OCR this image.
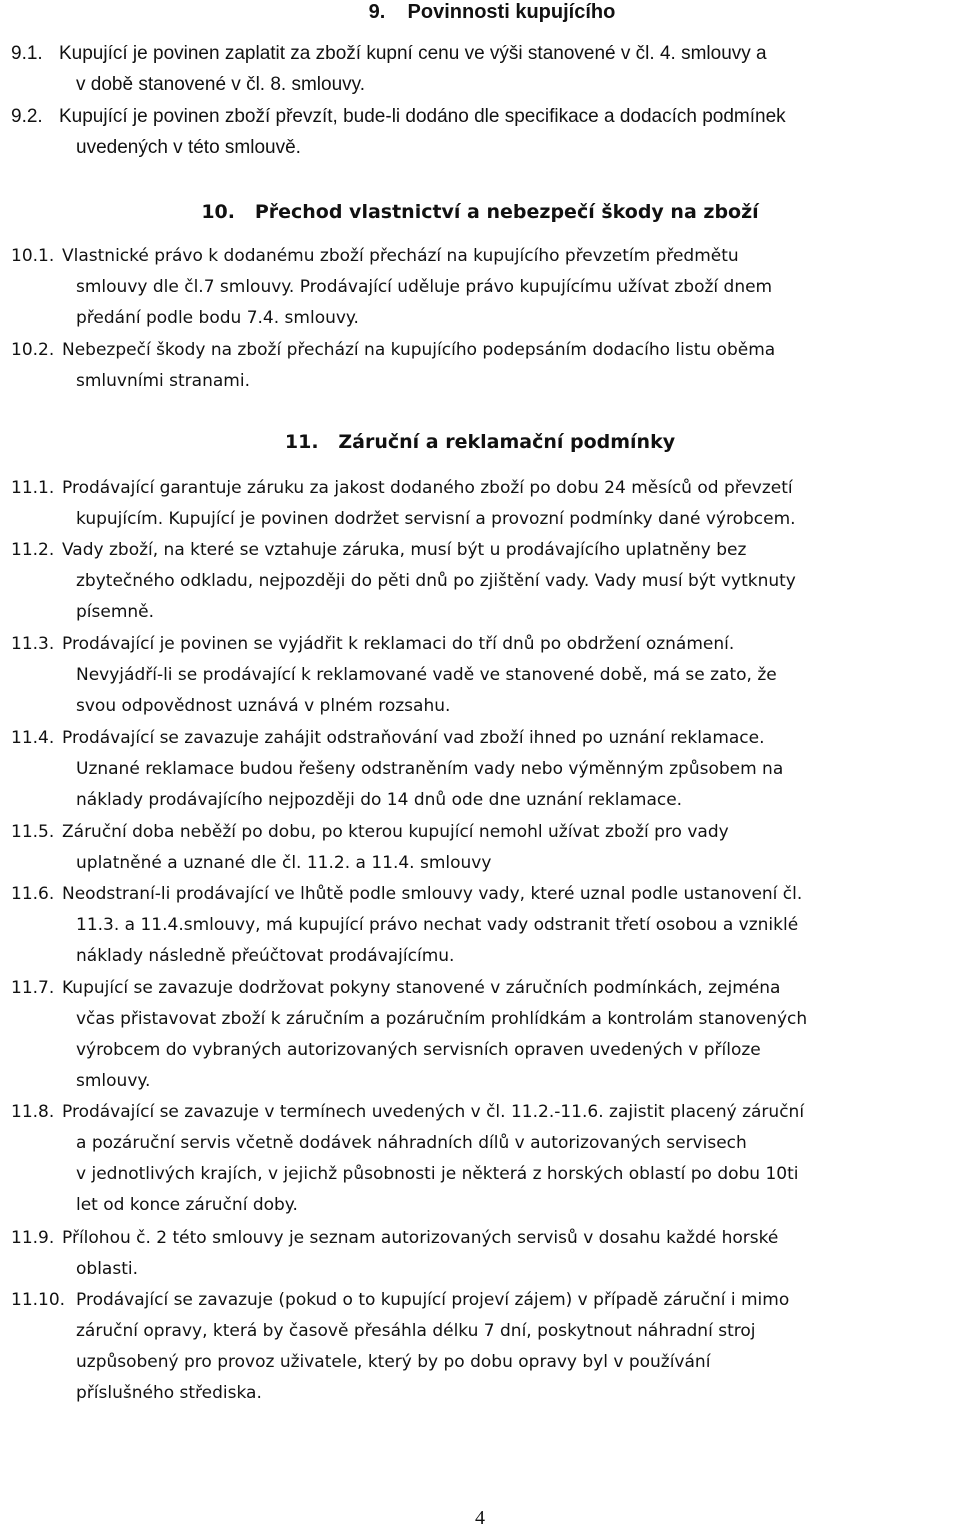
9.    Povinnosti kupujícího
9.1. Kupující je povinen zaplatit za zboží kupní cenu ve výši stanovené v čl. 4. smlouvy a
v době stanovené v čl. 8. smlouvy.
9.2. Kupující je povinen zboží převzít, bude-li dodáno dle specifikace a dodacích podmínek
uvedených v této smlouvě.
10.   Přechod vlastnictví a nebezpečí škody na zboží
10.1. Vlastnické právo k dodanému zboží přechází na kupujícího převzetím předmětu
smlouvy dle čl.7 smlouvy. Prodávající uděluje právo kupujícímu užívat zboží dnem
předání podle bodu 7.4. smlouvy.
10.2. Nebezpečí škody na zboží přechází na kupujícího podepsáním dodacího listu oběma
smluvními stranami.
11.   Záruční a reklamační podmínky
11.1. Prodávající garantuje záruku za jakost dodaného zboží po dobu 24 měsíců od převzetí
kupujícím. Kupující je povinen dodržet servisní a provozní podmínky dané výrobcem.
11.2. Vady zboží, na které se vztahuje záruka, musí být u prodávajícího uplatněny bez
zbytečného odkladu, nejpozději do pěti dnů po zjištění vady. Vady musí být vytknuty
písemně.
11.3. Prodávající je povinen se vyjádřit k reklamaci do tří dnů po obdržení oznámení.
Nevyjádří-li se prodávající k reklamované vadě ve stanovené době, má se zato, že
svou odpovědnost uznává v plném rozsahu.
11.4. Prodávající se zavazuje zahájit odstraňování vad zboží ihned po uznání reklamace.
Uznané reklamace budou řešeny odstraněním vady nebo výměnným způsobem na
náklady prodávajícího nejpozději do 14 dnů ode dne uznání reklamace.
11.5. Záruční doba neběží po dobu, po kterou kupující nemohl užívat zboží pro vady
uplatněné a uznané dle čl. 11.2. a 11.4. smlouvy
11.6. Neodstraní-li prodávající ve lhůtě podle smlouvy vady, které uznal podle ustanovení čl.
11.3. a 11.4.smlouvy, má kupující právo nechat vady odstranit třetí osobou a vzniklé
náklady následně přeúčtovat prodávajícímu.
11.7. Kupující se zavazuje dodržovat pokyny stanovené v záručních podmínkách, zejména
včas přistavovat zboží k záručním a pozáručním prohlídkám a kontrolám stanovených
výrobcem do vybraných autorizovaných servisních opraven uvedených v příloze
smlouvy.
11.8. Prodávající se zavazuje v termínech uvedených v čl. 11.2.-11.6. zajistit placený záruční
a pozáruční servis včetně dodávek náhradních dílů v autorizovaných servisech
v jednotlivých krajích, v jejichž působnosti je některá z horských oblastí po dobu 10ti
let od konce záruční doby.
11.9. Přílohou č. 2 této smlouvy je seznam autorizovaných servisů v dosahu každé horské
oblasti.
11.10. Prodávající se zavazuje (pokud o to kupující projeví zájem) v případě záruční i mimo
záruční opravy, která by časově přesáhla délku 7 dní, poskytnout náhradní stroj
uzpůsobený pro provoz uživatele, který by po dobu opravy byl v používání
příslušného střediska.
4
